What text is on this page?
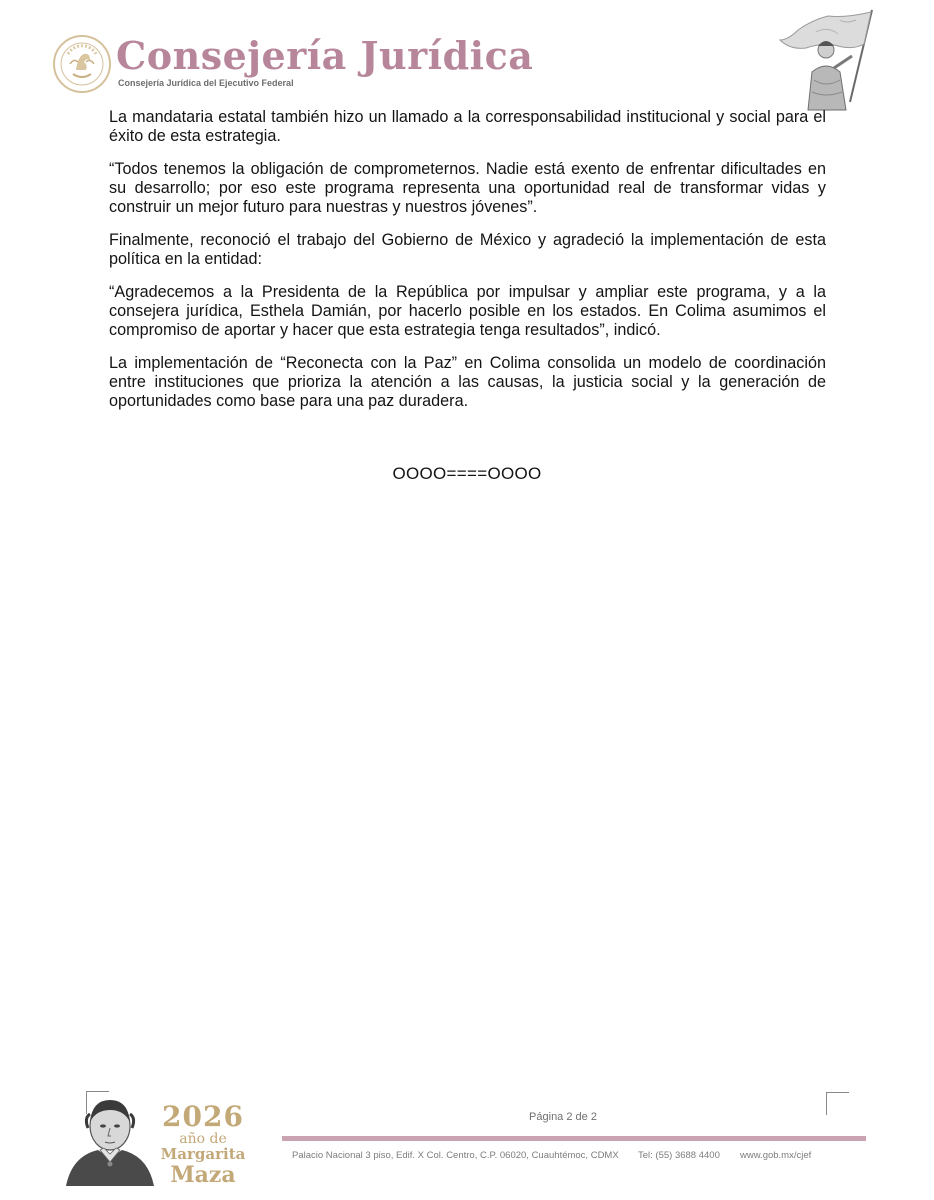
Consejería Jurídica
Consejería Jurídica del Ejecutivo Federal

La mandataria estatal también hizo un llamado a la corresponsabilidad institucional y social para el éxito de esta estrategia.

“Todos tenemos la obligación de comprometernos. Nadie está exento de enfrentar dificultades en su desarrollo; por eso este programa representa una oportunidad real de transformar vidas y construir un mejor futuro para nuestras y nuestros jóvenes”.

Finalmente, reconoció el trabajo del Gobierno de México y agradeció la implementación de esta política en la entidad:

“Agradecemos a la Presidenta de la República por impulsar y ampliar este programa, y a la consejera jurídica, Esthela Damián, por hacerlo posible en los estados. En Colima asumimos el compromiso de aportar y hacer que esta estrategia tenga resultados”, indicó.

La implementación de “Reconecta con la Paz” en Colima consolida un modelo de coordinación entre instituciones que prioriza la atención a las causas, la justicia social y la generación de oportunidades como base para una paz duradera.

OOOO====OOOO
2026
año de
Margarita
Maza
Página 2 de 2
Palacio Nacional 3 piso, Edif. X Col. Centro, C.P. 06020, Cuauhtémoc, CDMX	Tel: (55) 3688 4400	www.gob.mx/cjef
